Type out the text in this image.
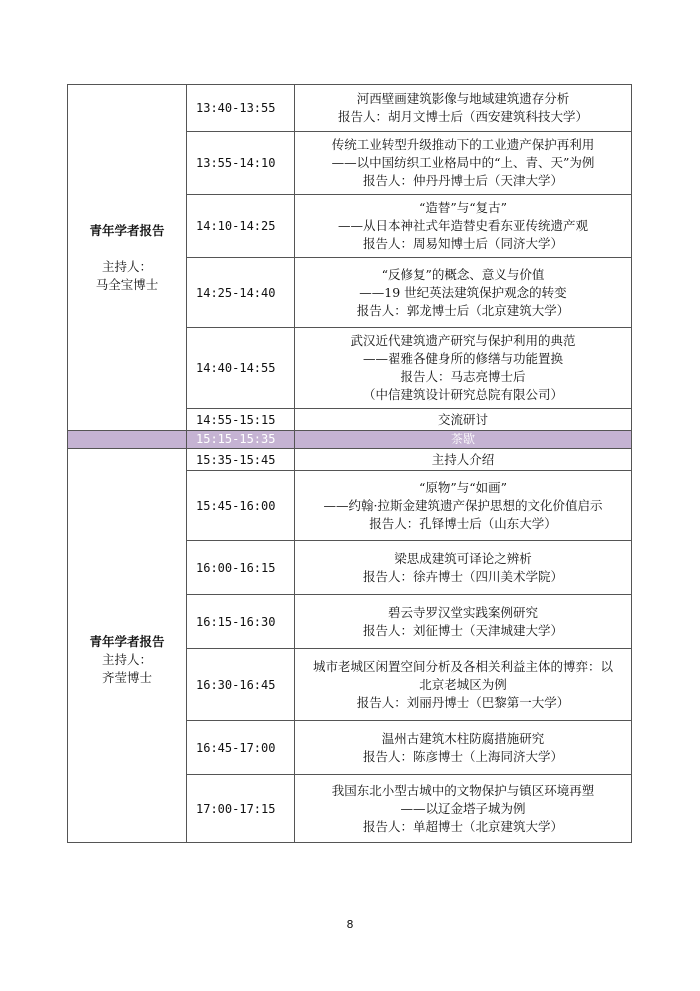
青年学者报告
主持人：
马全宝博士	13:40-13:55	河西壁画建筑影像与地域建筑遗存分析
报告人：胡月文博士后（西安建筑科技大学）

	13:55-14:10	传统工业转型升级推动下的工业遗产保护再利用
——以中国纺织工业格局中的“上、青、天”为例
报告人：仲丹丹博士后（天津大学）

	14:10-14:25	“造替”与“复古”
——从日本神社式年造替史看东亚传统遗产观
报告人：周易知博士后（同济大学）

	14:25-14:40	“反修复”的概念、意义与价值
——19 世纪英法建筑保护观念的转变
报告人：郭龙博士后（北京建筑大学）

	14:40-14:55	武汉近代建筑遗产研究与保护利用的典范
——翟雅各健身所的修缮与功能置换
报告人：马志亮博士后
（中信建筑设计研究总院有限公司）

	14:55-15:15	交流研讨

	15:15-15:35	茶歇

青年学者报告
主持人：
齐莹博士	15:35-15:45	主持人介绍

	15:45-16:00	“原物”与“如画”
——约翰·拉斯金建筑遗产保护思想的文化价值启示
报告人：孔铎博士后（山东大学）

	16:00-16:15	梁思成建筑可译论之辨析
报告人：徐卉博士（四川美术学院）

	16:15-16:30	碧云寺罗汉堂实践案例研究
报告人：刘征博士（天津城建大学）

	16:30-16:45	城市老城区闲置空间分析及各相关利益主体的博弈：以
北京老城区为例
报告人：刘丽丹博士（巴黎第一大学）

	16:45-17:00	温州古建筑木柱防腐措施研究
报告人：陈彦博士（上海同济大学）

	17:00-17:15	我国东北小型古城中的文物保护与镇区环境再塑
——以辽金塔子城为例
报告人：单超博士（北京建筑大学）
8
